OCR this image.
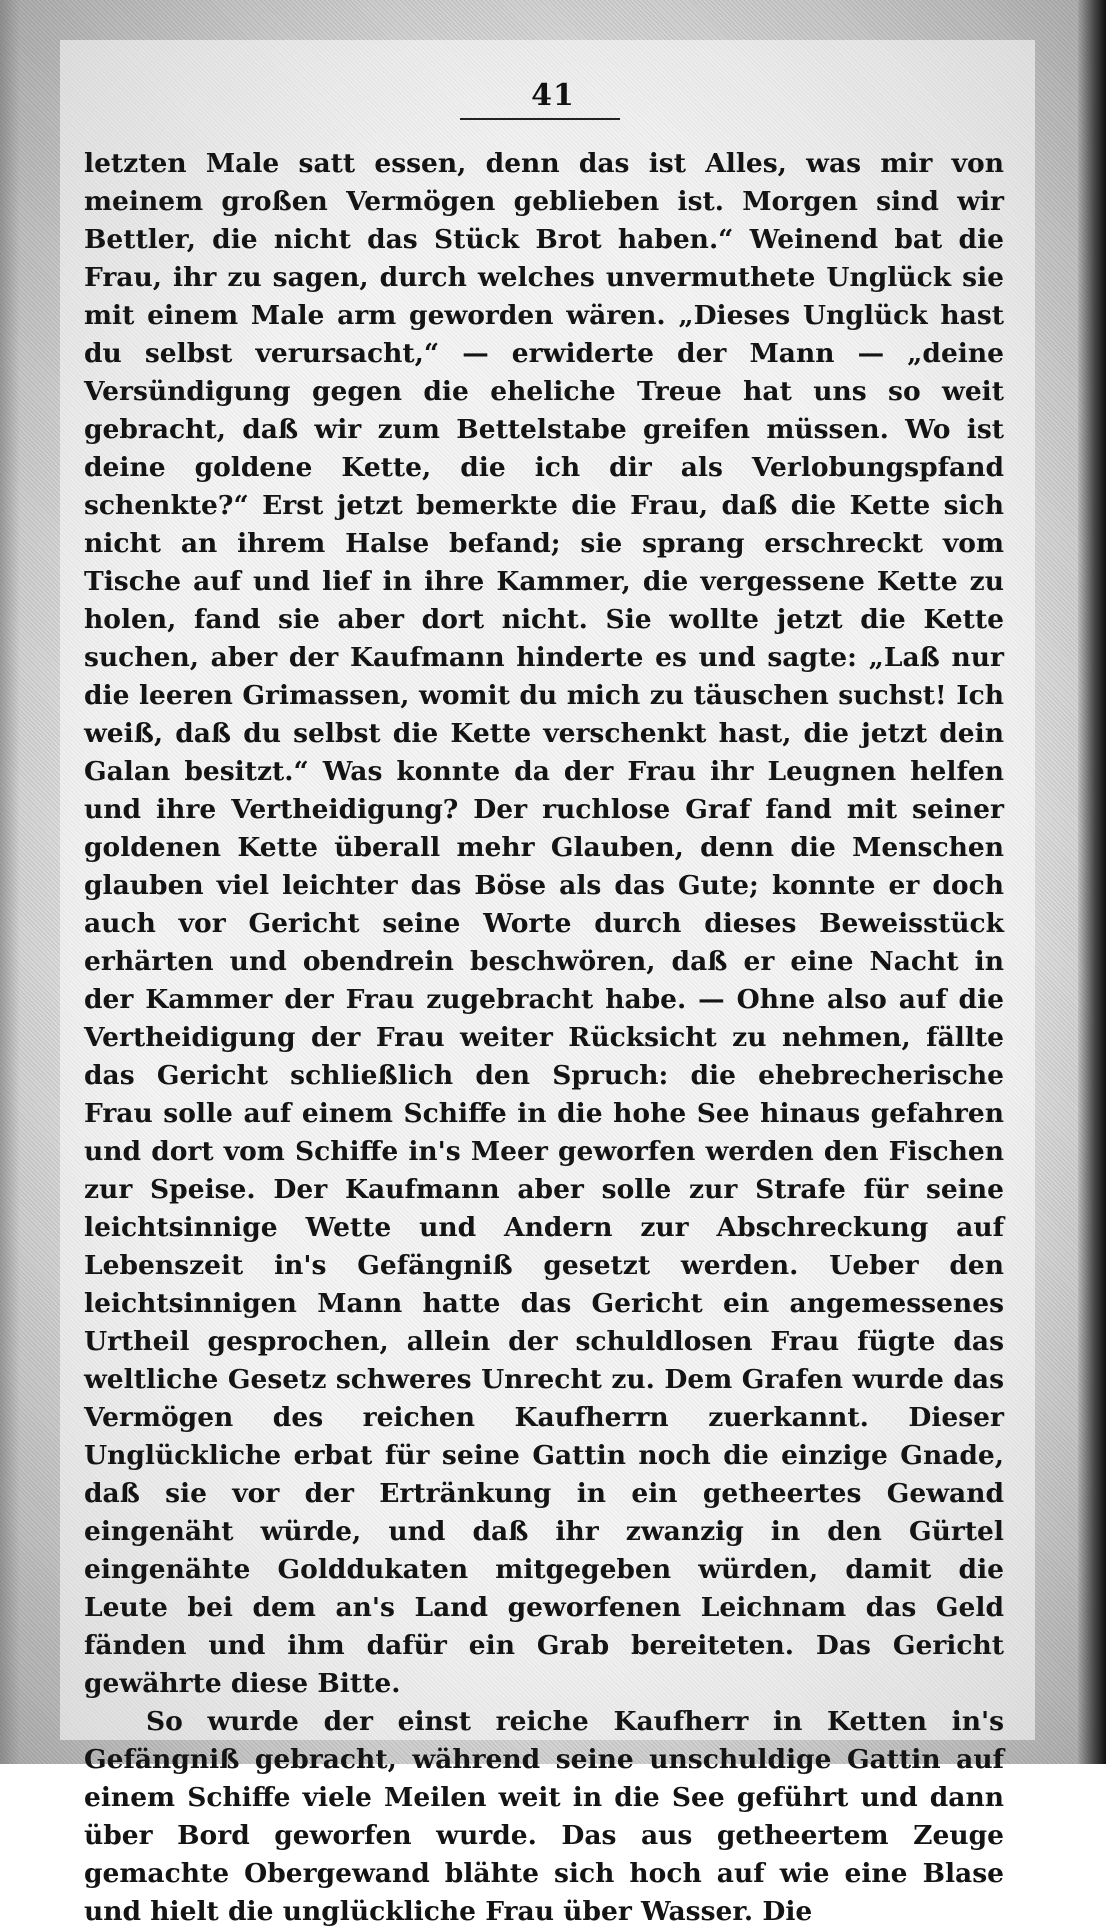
41

letzten Male satt essen, denn das ist Alles, was mir von meinem großen Vermögen geblieben ist. Morgen sind wir Bettler, die nicht das Stück Brot haben.“ Weinend bat die Frau, ihr zu sagen, durch welches unvermuthete Unglück sie mit einem Male arm geworden wären. „Dieses Unglück hast du selbst verursacht,“ — erwiderte der Mann — „deine Versündigung gegen die eheliche Treue hat uns so weit gebracht, daß wir zum Bettelstabe greifen müssen. Wo ist deine goldene Kette, die ich dir als Verlobungspfand schenkte?“ Erst jetzt bemerkte die Frau, daß die Kette sich nicht an ihrem Halse befand; sie sprang erschreckt vom Tische auf und lief in ihre Kammer, die vergessene Kette zu holen, fand sie aber dort nicht. Sie wollte jetzt die Kette suchen, aber der Kaufmann hinderte es und sagte: „Laß nur die leeren Grimassen, womit du mich zu täuschen suchst! Ich weiß, daß du selbst die Kette verschenkt hast, die jetzt dein Galan besitzt.“ Was konnte da der Frau ihr Leugnen helfen und ihre Vertheidigung? Der ruchlose Graf fand mit seiner goldenen Kette überall mehr Glauben, denn die Menschen glauben viel leichter das Böse als das Gute; konnte er doch auch vor Gericht seine Worte durch dieses Beweisstück erhärten und obendrein beschwören, daß er eine Nacht in der Kammer der Frau zugebracht habe. — Ohne also auf die Vertheidigung der Frau weiter Rücksicht zu nehmen, fällte das Gericht schließlich den Spruch: die ehebrecherische Frau solle auf einem Schiffe in die hohe See hinaus gefahren und dort vom Schiffe in's Meer geworfen werden den Fischen zur Speise. Der Kaufmann aber solle zur Strafe für seine leichtsinnige Wette und Andern zur Abschreckung auf Lebenszeit in's Gefängniß gesetzt werden. Ueber den leichtsinnigen Mann hatte das Gericht ein angemessenes Urtheil gesprochen, allein der schuldlosen Frau fügte das weltliche Gesetz schweres Unrecht zu. Dem Grafen wurde das Vermögen des reichen Kaufherrn zuerkannt. Dieser Unglückliche erbat für seine Gattin noch die einzige Gnade, daß sie vor der Ertränkung in ein getheertes Gewand eingenäht würde, und daß ihr zwanzig in den Gürtel eingenähte Golddukaten mitgegeben würden, damit die Leute bei dem an's Land geworfenen Leichnam das Geld fänden und ihm dafür ein Grab bereiteten. Das Gericht gewährte diese Bitte.

So wurde der einst reiche Kaufherr in Ketten in's Gefängniß gebracht, während seine unschuldige Gattin auf einem Schiffe viele Meilen weit in die See geführt und dann über Bord geworfen wurde. Das aus getheertem Zeuge gemachte Obergewand blähte sich hoch auf wie eine Blase und hielt die unglückliche Frau über Wasser. Die
